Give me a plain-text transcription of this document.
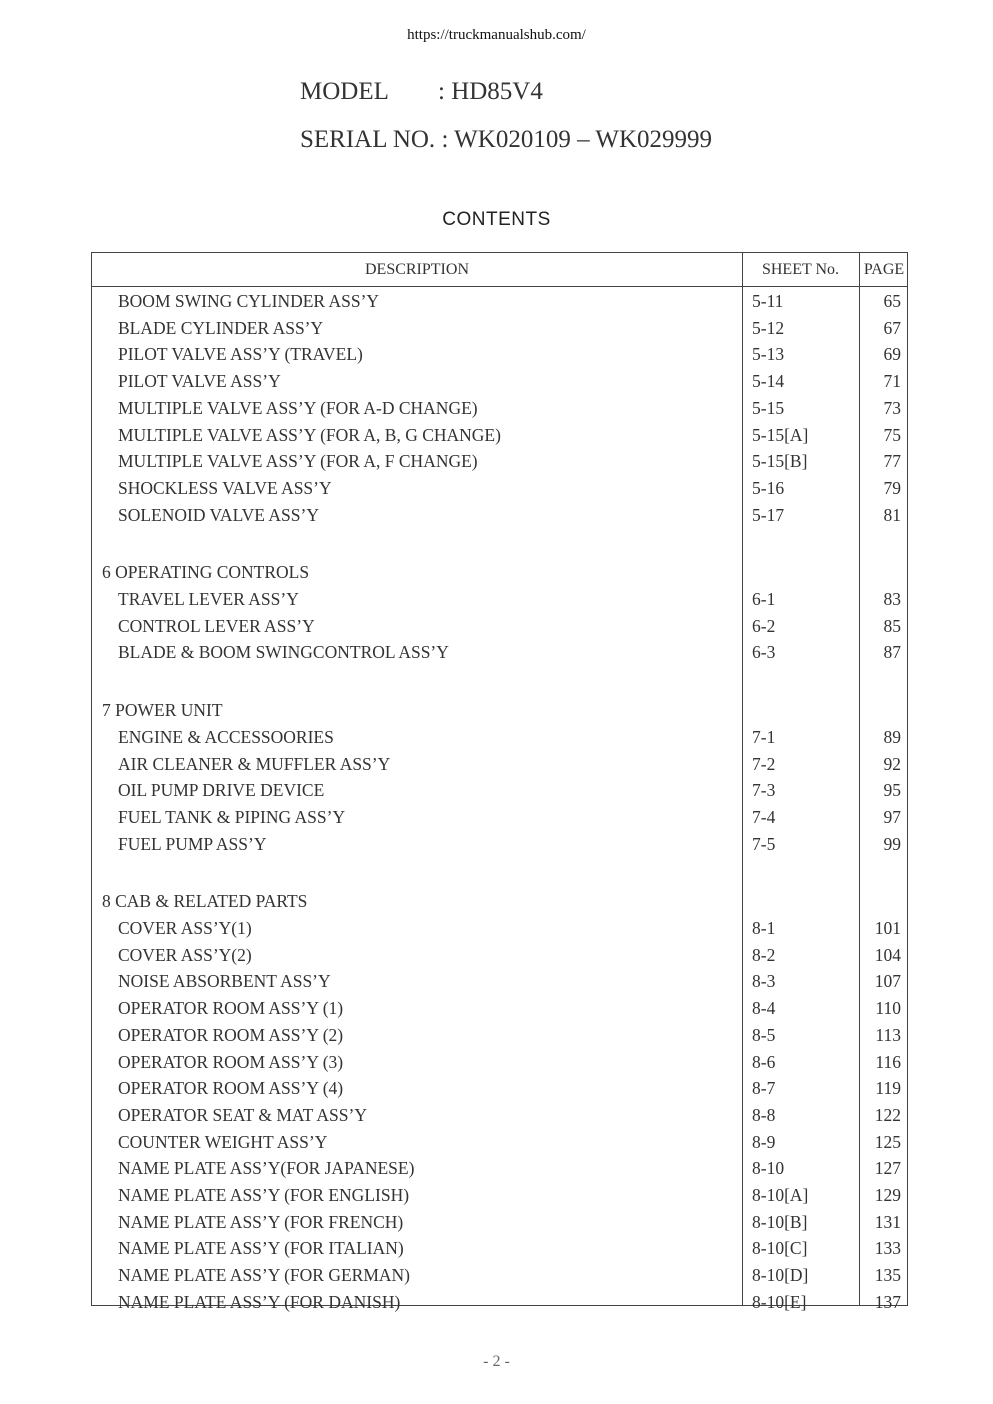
https://truckmanualshub.com/
MODEL : HD85V4
SERIAL NO. : WK020109 – WK029999
CONTENTS
DESCRIPTION	SHEET No.	PAGE
BOOM SWING CYLINDER ASS’Y	5-11	65
BLADE CYLINDER ASS’Y	5-12	67
PILOT VALVE ASS’Y (TRAVEL)	5-13	69
PILOT VALVE ASS’Y	5-14	71
MULTIPLE VALVE ASS’Y (FOR A-D CHANGE)	5-15	73
MULTIPLE VALVE ASS’Y (FOR A, B, G CHANGE)	5-15[A]	75
MULTIPLE VALVE ASS’Y (FOR A, F CHANGE)	5-15[B]	77
SHOCKLESS VALVE ASS’Y	5-16	79
SOLENOID VALVE ASS’Y	5-17	81
6 OPERATING CONTROLS
TRAVEL LEVER ASS’Y	6-1	83
CONTROL LEVER ASS’Y	6-2	85
BLADE & BOOM SWINGCONTROL ASS’Y	6-3	87
7 POWER UNIT
ENGINE & ACCESSOORIES	7-1	89
AIR CLEANER & MUFFLER ASS’Y	7-2	92
OIL PUMP DRIVE DEVICE	7-3	95
FUEL TANK & PIPING ASS’Y	7-4	97
FUEL PUMP ASS’Y	7-5	99
8 CAB & RELATED PARTS
COVER ASS’Y(1)	8-1	101
COVER ASS’Y(2)	8-2	104
NOISE ABSORBENT ASS’Y	8-3	107
OPERATOR ROOM ASS’Y (1)	8-4	110
OPERATOR ROOM ASS’Y (2)	8-5	113
OPERATOR ROOM ASS’Y (3)	8-6	116
OPERATOR ROOM ASS’Y (4)	8-7	119
OPERATOR SEAT & MAT ASS’Y	8-8	122
COUNTER WEIGHT ASS’Y	8-9	125
NAME PLATE ASS’Y(FOR JAPANESE)	8-10	127
NAME PLATE ASS’Y (FOR ENGLISH)	8-10[A]	129
NAME PLATE ASS’Y (FOR FRENCH)	8-10[B]	131
NAME PLATE ASS’Y (FOR ITALIAN)	8-10[C]	133
NAME PLATE ASS’Y (FOR GERMAN)	8-10[D]	135
NAME PLATE ASS’Y (FOR DANISH)	8-10[E]	137
- 2 -
